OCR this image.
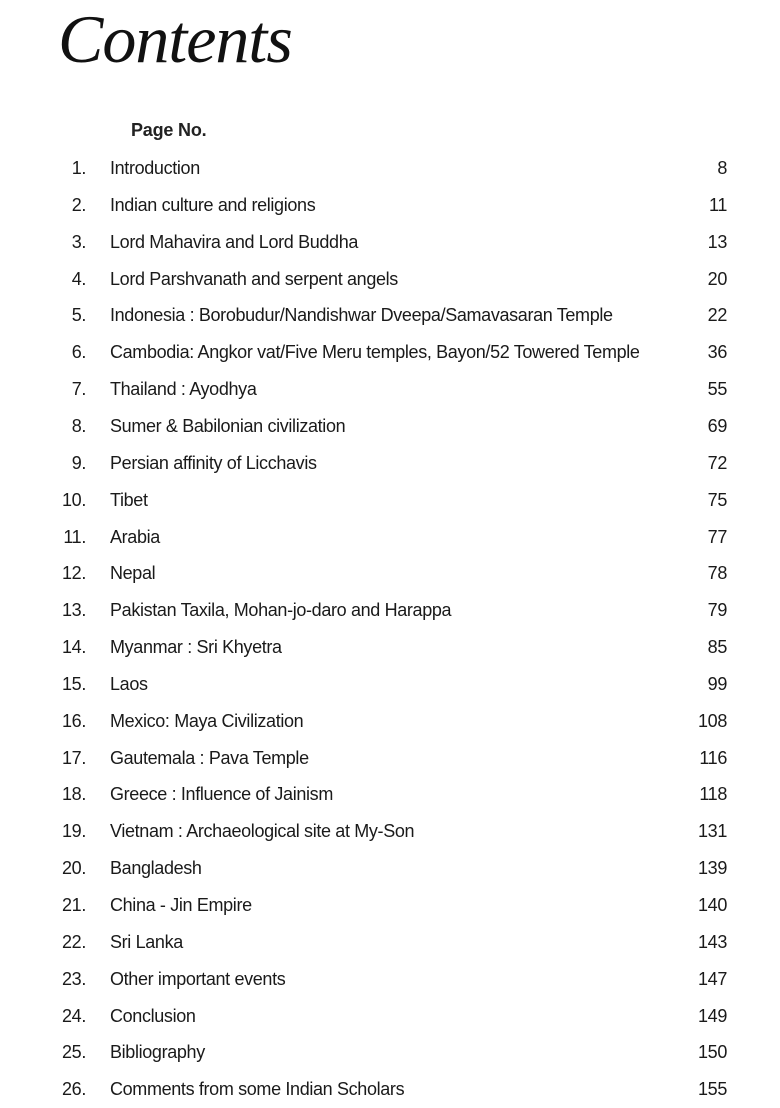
Contents
Page No.
1. Introduction	8
2. Indian culture and religions	11
3. Lord Mahavira and Lord Buddha	13
4. Lord Parshvanath and serpent angels	20
5. Indonesia : Borobudur/Nandishwar Dveepa/Samavasaran Temple	22
6. Cambodia: Angkor vat/Five Meru temples, Bayon/52 Towered Temple	36
7. Thailand : Ayodhya	55
8. Sumer & Babilonian civilization	69
9. Persian affinity of Licchavis	72
10. Tibet	75
11. Arabia	77
12. Nepal	78
13. Pakistan Taxila, Mohan-jo-daro and Harappa	79
14. Myanmar : Sri Khyetra	85
15. Laos	99
16. Mexico: Maya Civilization	108
17. Gautemala : Pava Temple	116
18. Greece : Influence of Jainism	118
19. Vietnam : Archaeological site at My-Son	131
20. Bangladesh	139
21. China - Jin Empire	140
22. Sri Lanka	143
23. Other important events	147
24. Conclusion	149
25. Bibliography	150
26. Comments from some Indian Scholars	155
